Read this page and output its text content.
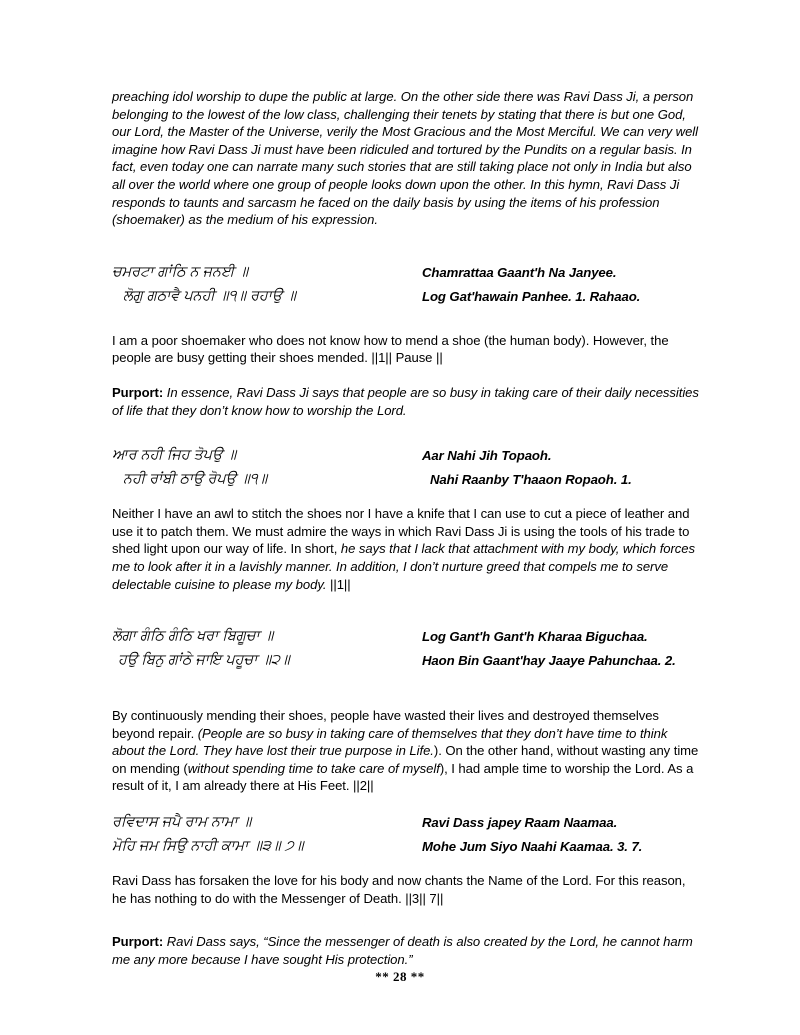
preaching idol worship to dupe the public at large. On the other side there was Ravi Dass Ji, a person belonging to the lowest of the low class, challenging their tenets by stating that there is but one God, our Lord, the Master of the Universe, verily the Most Gracious and the Most Merciful. We can very well imagine how Ravi Dass Ji must have been ridiculed and tortured by the Pundits on a regular basis. In fact, even today one can narrate many such stories that are still taking place not only in India but also all over the world where one group of people looks down upon the other. In this hymn, Ravi Dass Ji responds to taunts and sarcasm he faced on the daily basis by using the items of his profession (shoemaker) as the medium of his expression.

ਚਮਰਟਾ ਗਾਂਠਿ ਨ ਜਨਈ ॥	Chamrattaa Gaant'h Na Janyee.
ਲੋਗੁ ਗਠਾਵੈ ਪਨਹੀ ॥੧॥ ਰਹਾਉ ॥	Log Gat'hawain Panhee. 1. Rahaao.

I am a poor shoemaker who does not know how to mend a shoe (the human body). However, the people are busy getting their shoes mended. ||1|| Pause ||

Purport: In essence, Ravi Dass Ji says that people are so busy in taking care of their daily necessities of life that they don’t know how to worship the Lord.

ਆਰ ਨਹੀ ਜਿਹ ਤੋਪਉ ॥	Aar Nahi Jih Topaoh.
ਨਹੀ ਰਾਂਬੀ ਠਾਉ ਰੋਪਉ ॥੧॥	Nahi Raanby T'haaon Ropaoh. 1.

Neither I have an awl to stitch the shoes nor I have a knife that I can use to cut a piece of leather and use it to patch them. We must admire the ways in which Ravi Dass Ji is using the tools of his trade to shed light upon our way of life. In short, he says that I lack that attachment with my body, which forces me to look after it in a lavishly manner. In addition, I don’t nurture greed that compels me to serve delectable cuisine to please my body. ||1||

ਲੋਗਾ ਗੰਠਿ ਗੰਠਿ ਖਰਾ ਬਿਗੂਚਾ ॥	Log Gant'h Gant'h Kharaa Biguchaa.
ਹਉ ਬਿਨੁ ਗਾਂਠੇ ਜਾਇ ਪਹੂਚਾ ॥੨॥	Haon Bin Gaant'hay Jaaye Pahunchaa. 2.

By continuously mending their shoes, people have wasted their lives and destroyed themselves beyond repair. (People are so busy in taking care of themselves that they don’t have time to think about the Lord. They have lost their true purpose in Life.). On the other hand, without wasting any time on mending (without spending time to take care of myself), I had ample time to worship the Lord. As a result of it, I am already there at His Feet. ||2||

ਰਵਿਦਾਸ ਜਪੈ ਰਾਮ ਨਾਮਾ ॥	Ravi Dass japey Raam Naamaa.
ਮੋਹਿ ਜਮ ਸਿਉ ਨਾਹੀ ਕਾਮਾ ॥੩॥ ੭॥	Mohe Jum Siyo Naahi Kaamaa. 3. 7.

Ravi Dass has forsaken the love for his body and now chants the Name of the Lord. For this reason, he has nothing to do with the Messenger of Death. ||3|| 7||

Purport: Ravi Dass says, “Since the messenger of death is also created by the Lord, he cannot harm me any more because I have sought His protection.”

** 28 **
